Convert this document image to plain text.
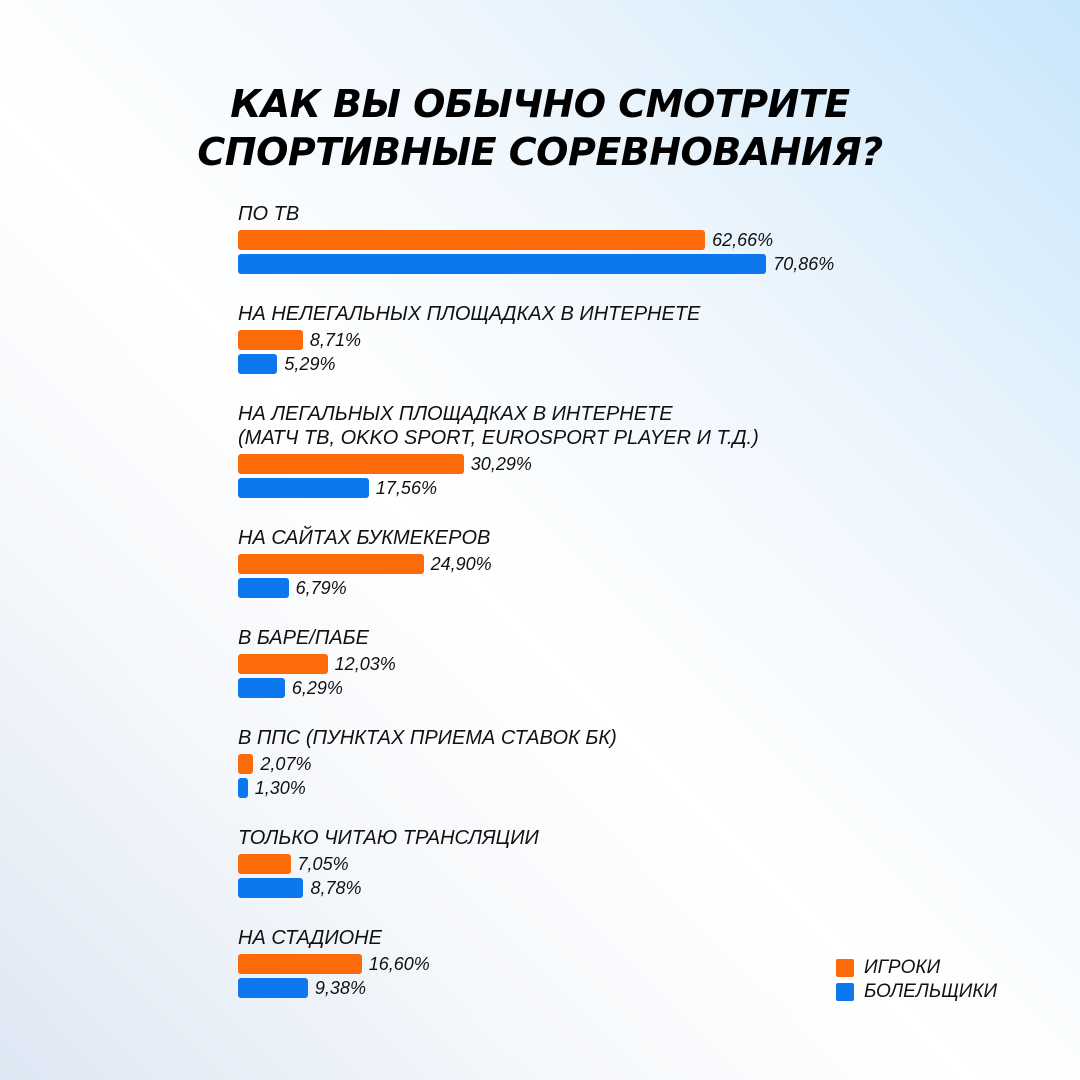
КАК ВЫ ОБЫЧНО СМОТРИТЕ
СПОРТИВНЫЕ СОРЕВНОВАНИЯ?
ПО ТВ
62,66%
70,86%
НА НЕЛЕГАЛЬНЫХ ПЛОЩАДКАХ В ИНТЕРНЕТЕ
8,71%
5,29%
НА ЛЕГАЛЬНЫХ ПЛОЩАДКАХ В ИНТЕРНЕТЕ
(МАТЧ ТВ, OKKO SPORT, EUROSPORT PLAYER И Т.Д.)
30,29%
17,56%
НА САЙТАХ БУКМЕКЕРОВ
24,90%
6,79%
В БАРЕ/ПАБЕ
12,03%
6,29%
В ППС (ПУНКТАХ ПРИЕМА СТАВОК БК)
2,07%
1,30%
ТОЛЬКО ЧИТАЮ ТРАНСЛЯЦИИ
7,05%
8,78%
НА СТАДИОНЕ
16,60%
9,38%
ИГРОКИ
БОЛЕЛЬЩИКИ
